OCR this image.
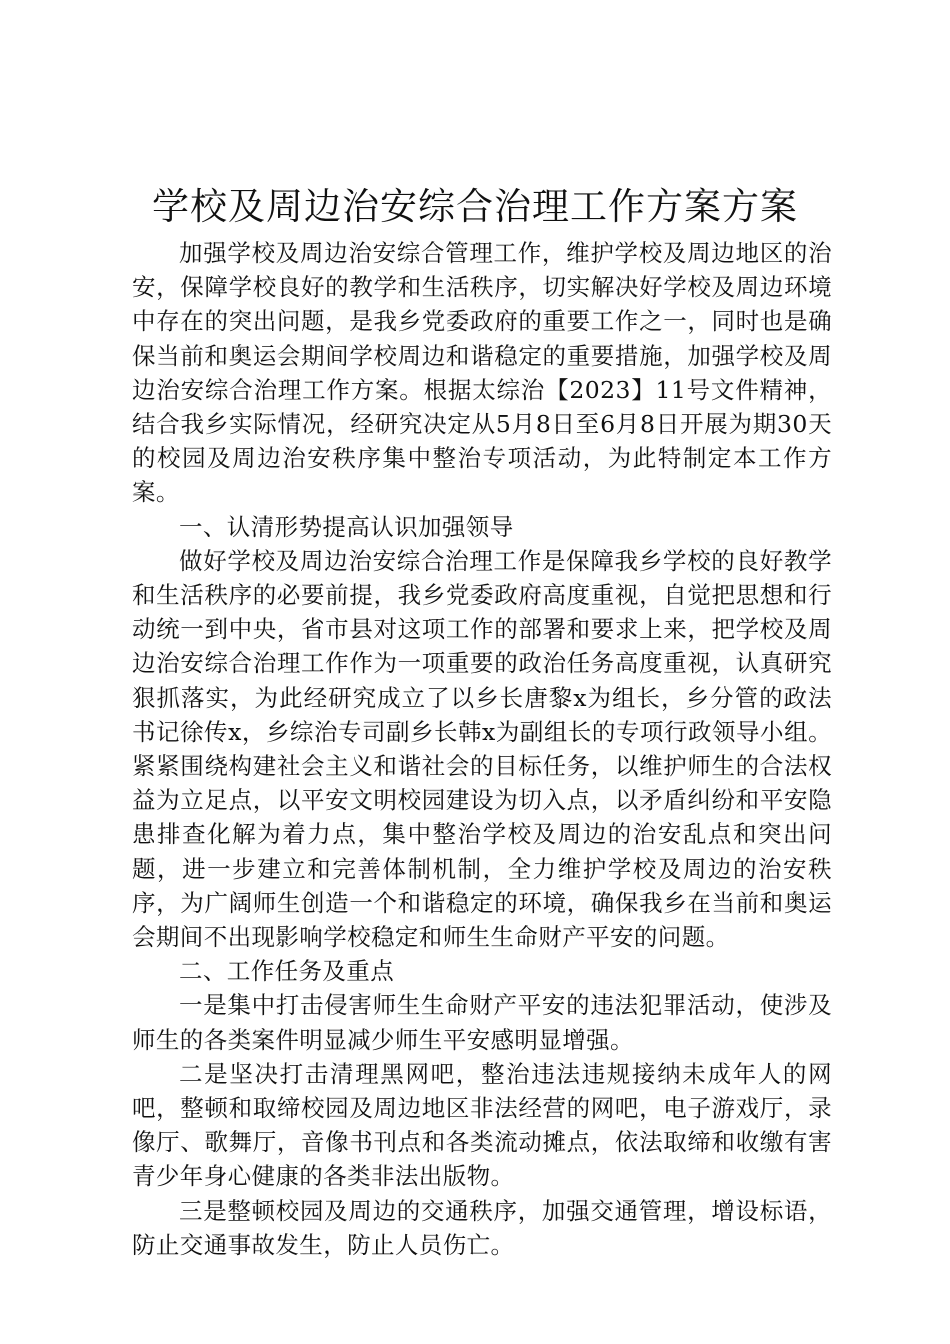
学校及周边治安综合治理工作方案方案

加强学校及周边治安综合管理工作，维护学校及周边地区的治安，保障学校良好的教学和生活秩序，切实解决好学校及周边环境中存在的突出问题，是我乡党委政府的重要工作之一，同时也是确保当前和奥运会期间学校周边和谐稳定的重要措施，加强学校及周边治安综合治理工作方案。根据太综治【2023】11号文件精神，结合我乡实际情况，经研究决定从5月8日至6月8日开展为期30天的校园及周边治安秩序集中整治专项活动，为此特制定本工作方案。

一、认清形势提高认识加强领导

做好学校及周边治安综合治理工作是保障我乡学校的良好教学和生活秩序的必要前提，我乡党委政府高度重视，自觉把思想和行动统一到中央，省市县对这项工作的部署和要求上来，把学校及周边治安综合治理工作作为一项重要的政治任务高度重视，认真研究狠抓落实，为此经研究成立了以乡长唐黎x为组长，乡分管的政法书记徐传x，乡综治专司副乡长韩x为副组长的专项行政领导小组。紧紧围绕构建社会主义和谐社会的目标任务，以维护师生的合法权益为立足点，以平安文明校园建设为切入点，以矛盾纠纷和平安隐患排查化解为着力点，集中整治学校及周边的治安乱点和突出问题，进一步建立和完善体制机制，全力维护学校及周边的治安秩序，为广阔师生创造一个和谐稳定的环境，确保我乡在当前和奥运会期间不出现影响学校稳定和师生生命财产平安的问题。

二、工作任务及重点

一是集中打击侵害师生生命财产平安的违法犯罪活动，使涉及师生的各类案件明显减少师生平安感明显增强。

二是坚决打击清理黑网吧，整治违法违规接纳未成年人的网吧，整顿和取缔校园及周边地区非法经营的网吧，电子游戏厅，录像厅、歌舞厅，音像书刊点和各类流动摊点，依法取缔和收缴有害青少年身心健康的各类非法出版物。

三是整顿校园及周边的交通秩序，加强交通管理，增设标语，防止交通事故发生，防止人员伤亡。
